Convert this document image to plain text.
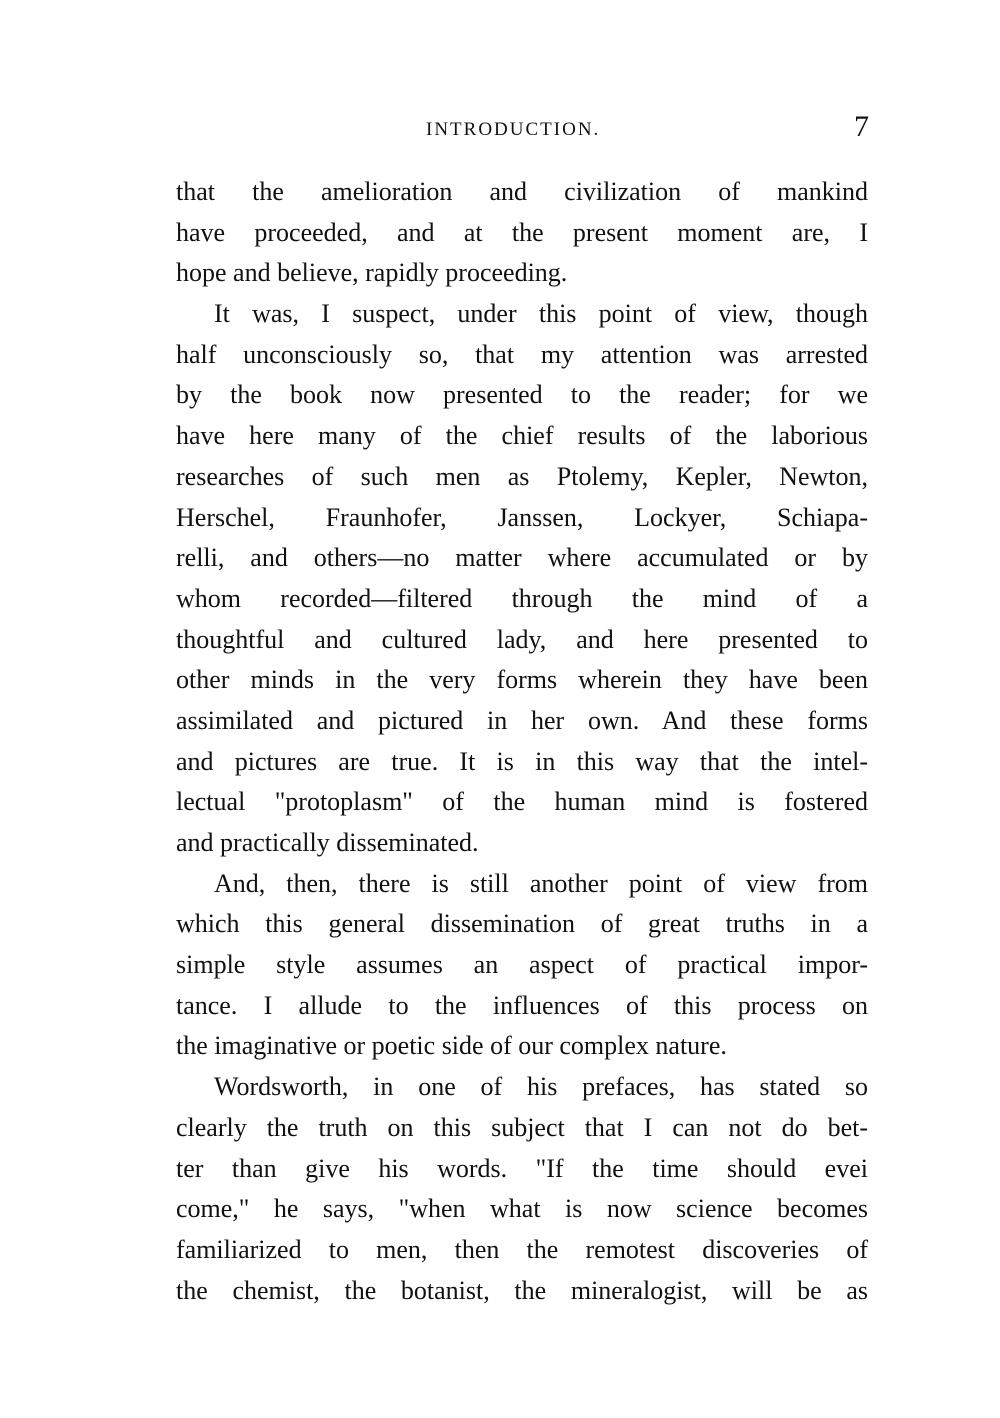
INTRODUCTION.	7
that the amelioration and civilization of mankind
have proceeded, and at the present moment are, I
hope and believe, rapidly proceeding.
It was, I suspect, under this point of view, though
half unconsciously so, that my attention was arrested
by the book now presented to the reader; for we
have here many of the chief results of the laborious
researches of such men as Ptolemy, Kepler, Newton,
Herschel, Fraunhofer, Janssen, Lockyer, Schiapa-
relli, and others—no matter where accumulated or by
whom recorded—filtered through the mind of a
thoughtful and cultured lady, and here presented to
other minds in the very forms wherein they have been
assimilated and pictured in her own. And these forms
and pictures are true. It is in this way that the intel-
lectual "protoplasm" of the human mind is fostered
and practically disseminated.
And, then, there is still another point of view from
which this general dissemination of great truths in a
simple style assumes an aspect of practical impor-
tance. I allude to the influences of this process on
the imaginative or poetic side of our complex nature.
Wordsworth, in one of his prefaces, has stated so
clearly the truth on this subject that I can not do bet-
ter than give his words. "If the time should evei
come," he says, "when what is now science becomes
familiarized to men, then the remotest discoveries of
the chemist, the botanist, the mineralogist, will be as
